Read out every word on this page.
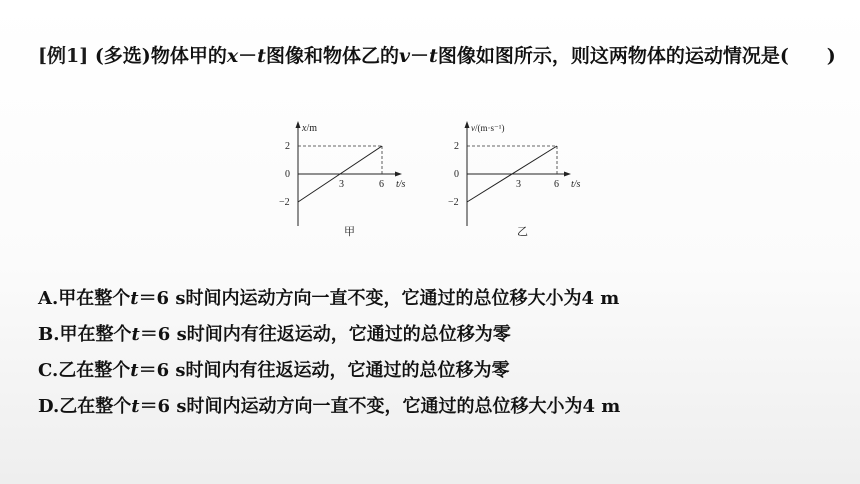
[例1] (多选)物体甲的x－t图像和物体乙的v－t图像如图所示，则这两物体的运动情况是(　　)
x/m
2
0
−2
3	6 t/s
甲
v/(m·s⁻¹)
2
0
−2
3	6 t/s
乙
A.甲在整个t＝6 s时间内运动方向一直不变，它通过的总位移大小为4 m
B.甲在整个t＝6 s时间内有往返运动，它通过的总位移为零
C.乙在整个t＝6 s时间内有往返运动，它通过的总位移为零
D.乙在整个t＝6 s时间内运动方向一直不变，它通过的总位移大小为4 m
